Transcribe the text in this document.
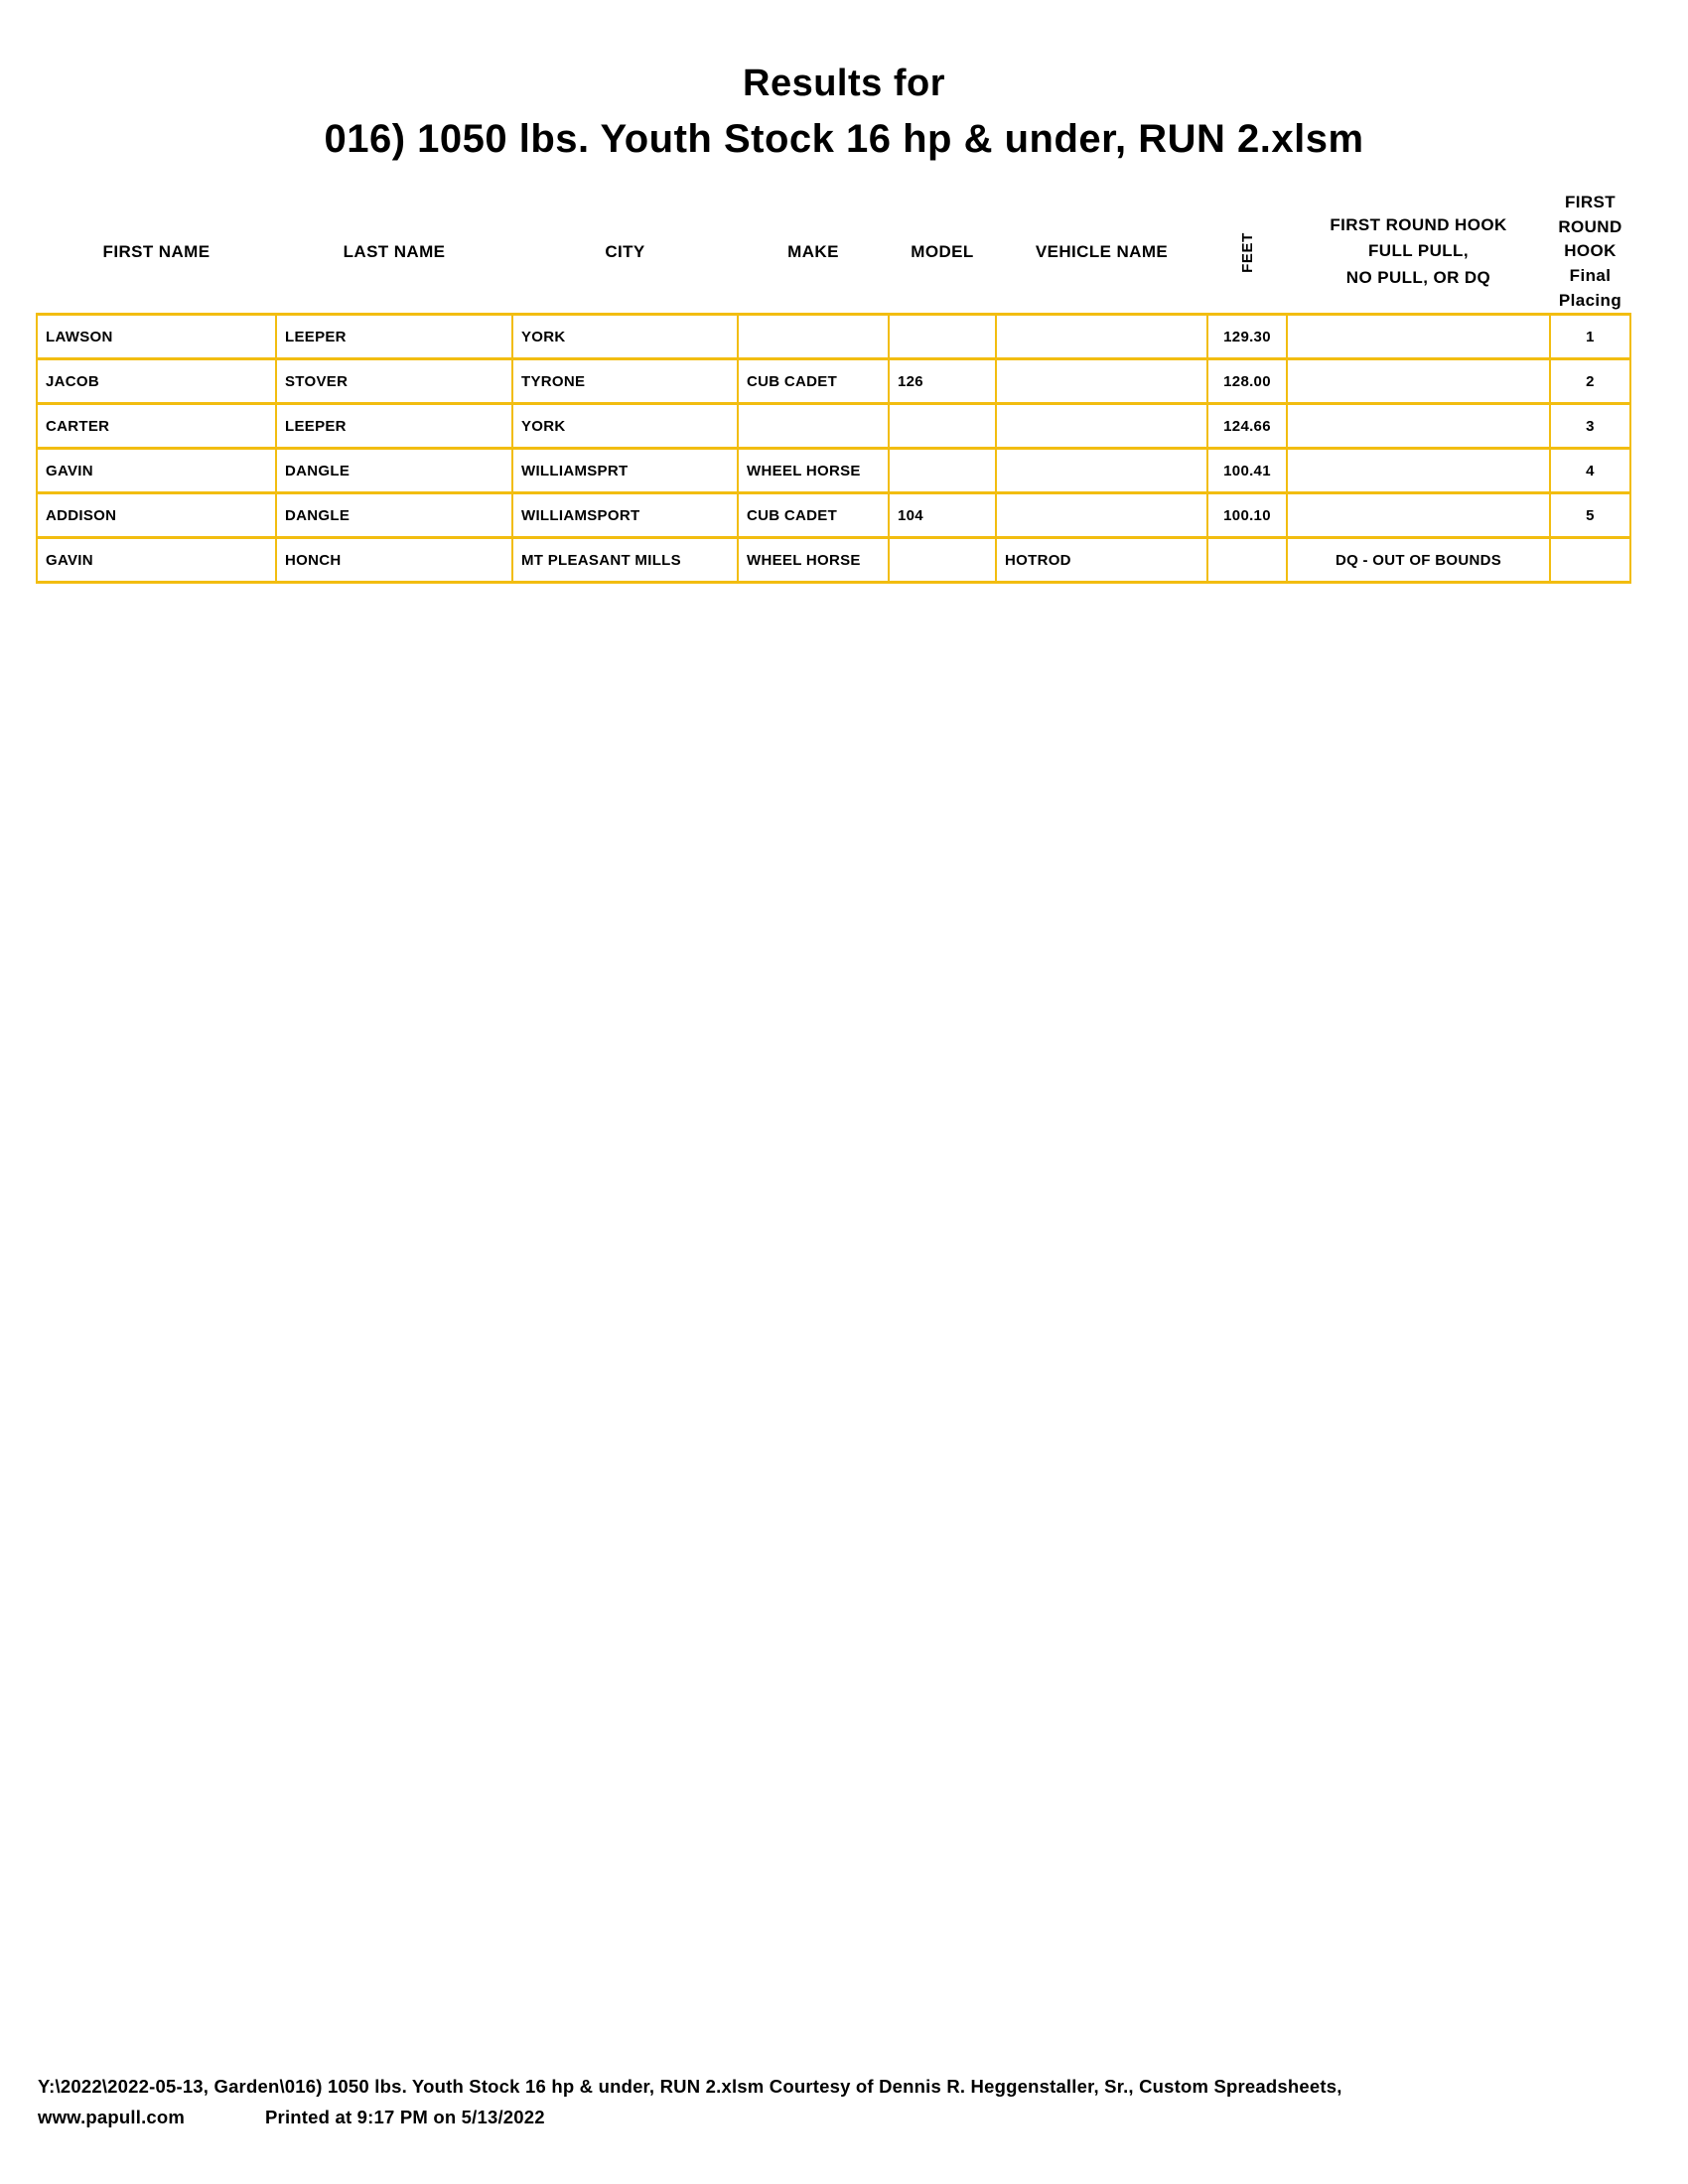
Results for
016) 1050 lbs. Youth Stock 16 hp & under, RUN 2.xlsm
FIRST NAME	LAST NAME	CITY	MAKE	MODEL	VEHICLE NAME	FEET	
FIRST ROUND HOOK
FULL PULL,
NO PULL, OR DQ

FIRST ROUND
HOOK
Final Placing

LAWSON	LEEPER	YORK				129.30		1
JACOB	STOVER	TYRONE	CUB CADET	126		128.00		2
CARTER	LEEPER	YORK				124.66		3
GAVIN	DANGLE	WILLIAMSPRT	WHEEL HORSE			100.41		4
ADDISON	DANGLE	WILLIAMSPORT	CUB CADET	104		100.10		5
GAVIN	HONCH	MT PLEASANT MILLS	WHEEL HORSE		HOTROD		DQ - OUT OF BOUNDS	
Y:\2022\2022-05-13, Garden\016) 1050 lbs. Youth Stock 16 hp & under, RUN 2.xlsm Courtesy of Dennis R. Heggenstaller, Sr., Custom Spreadsheets,
www.papull.com	Printed at 9:17 PM on 5/13/2022
